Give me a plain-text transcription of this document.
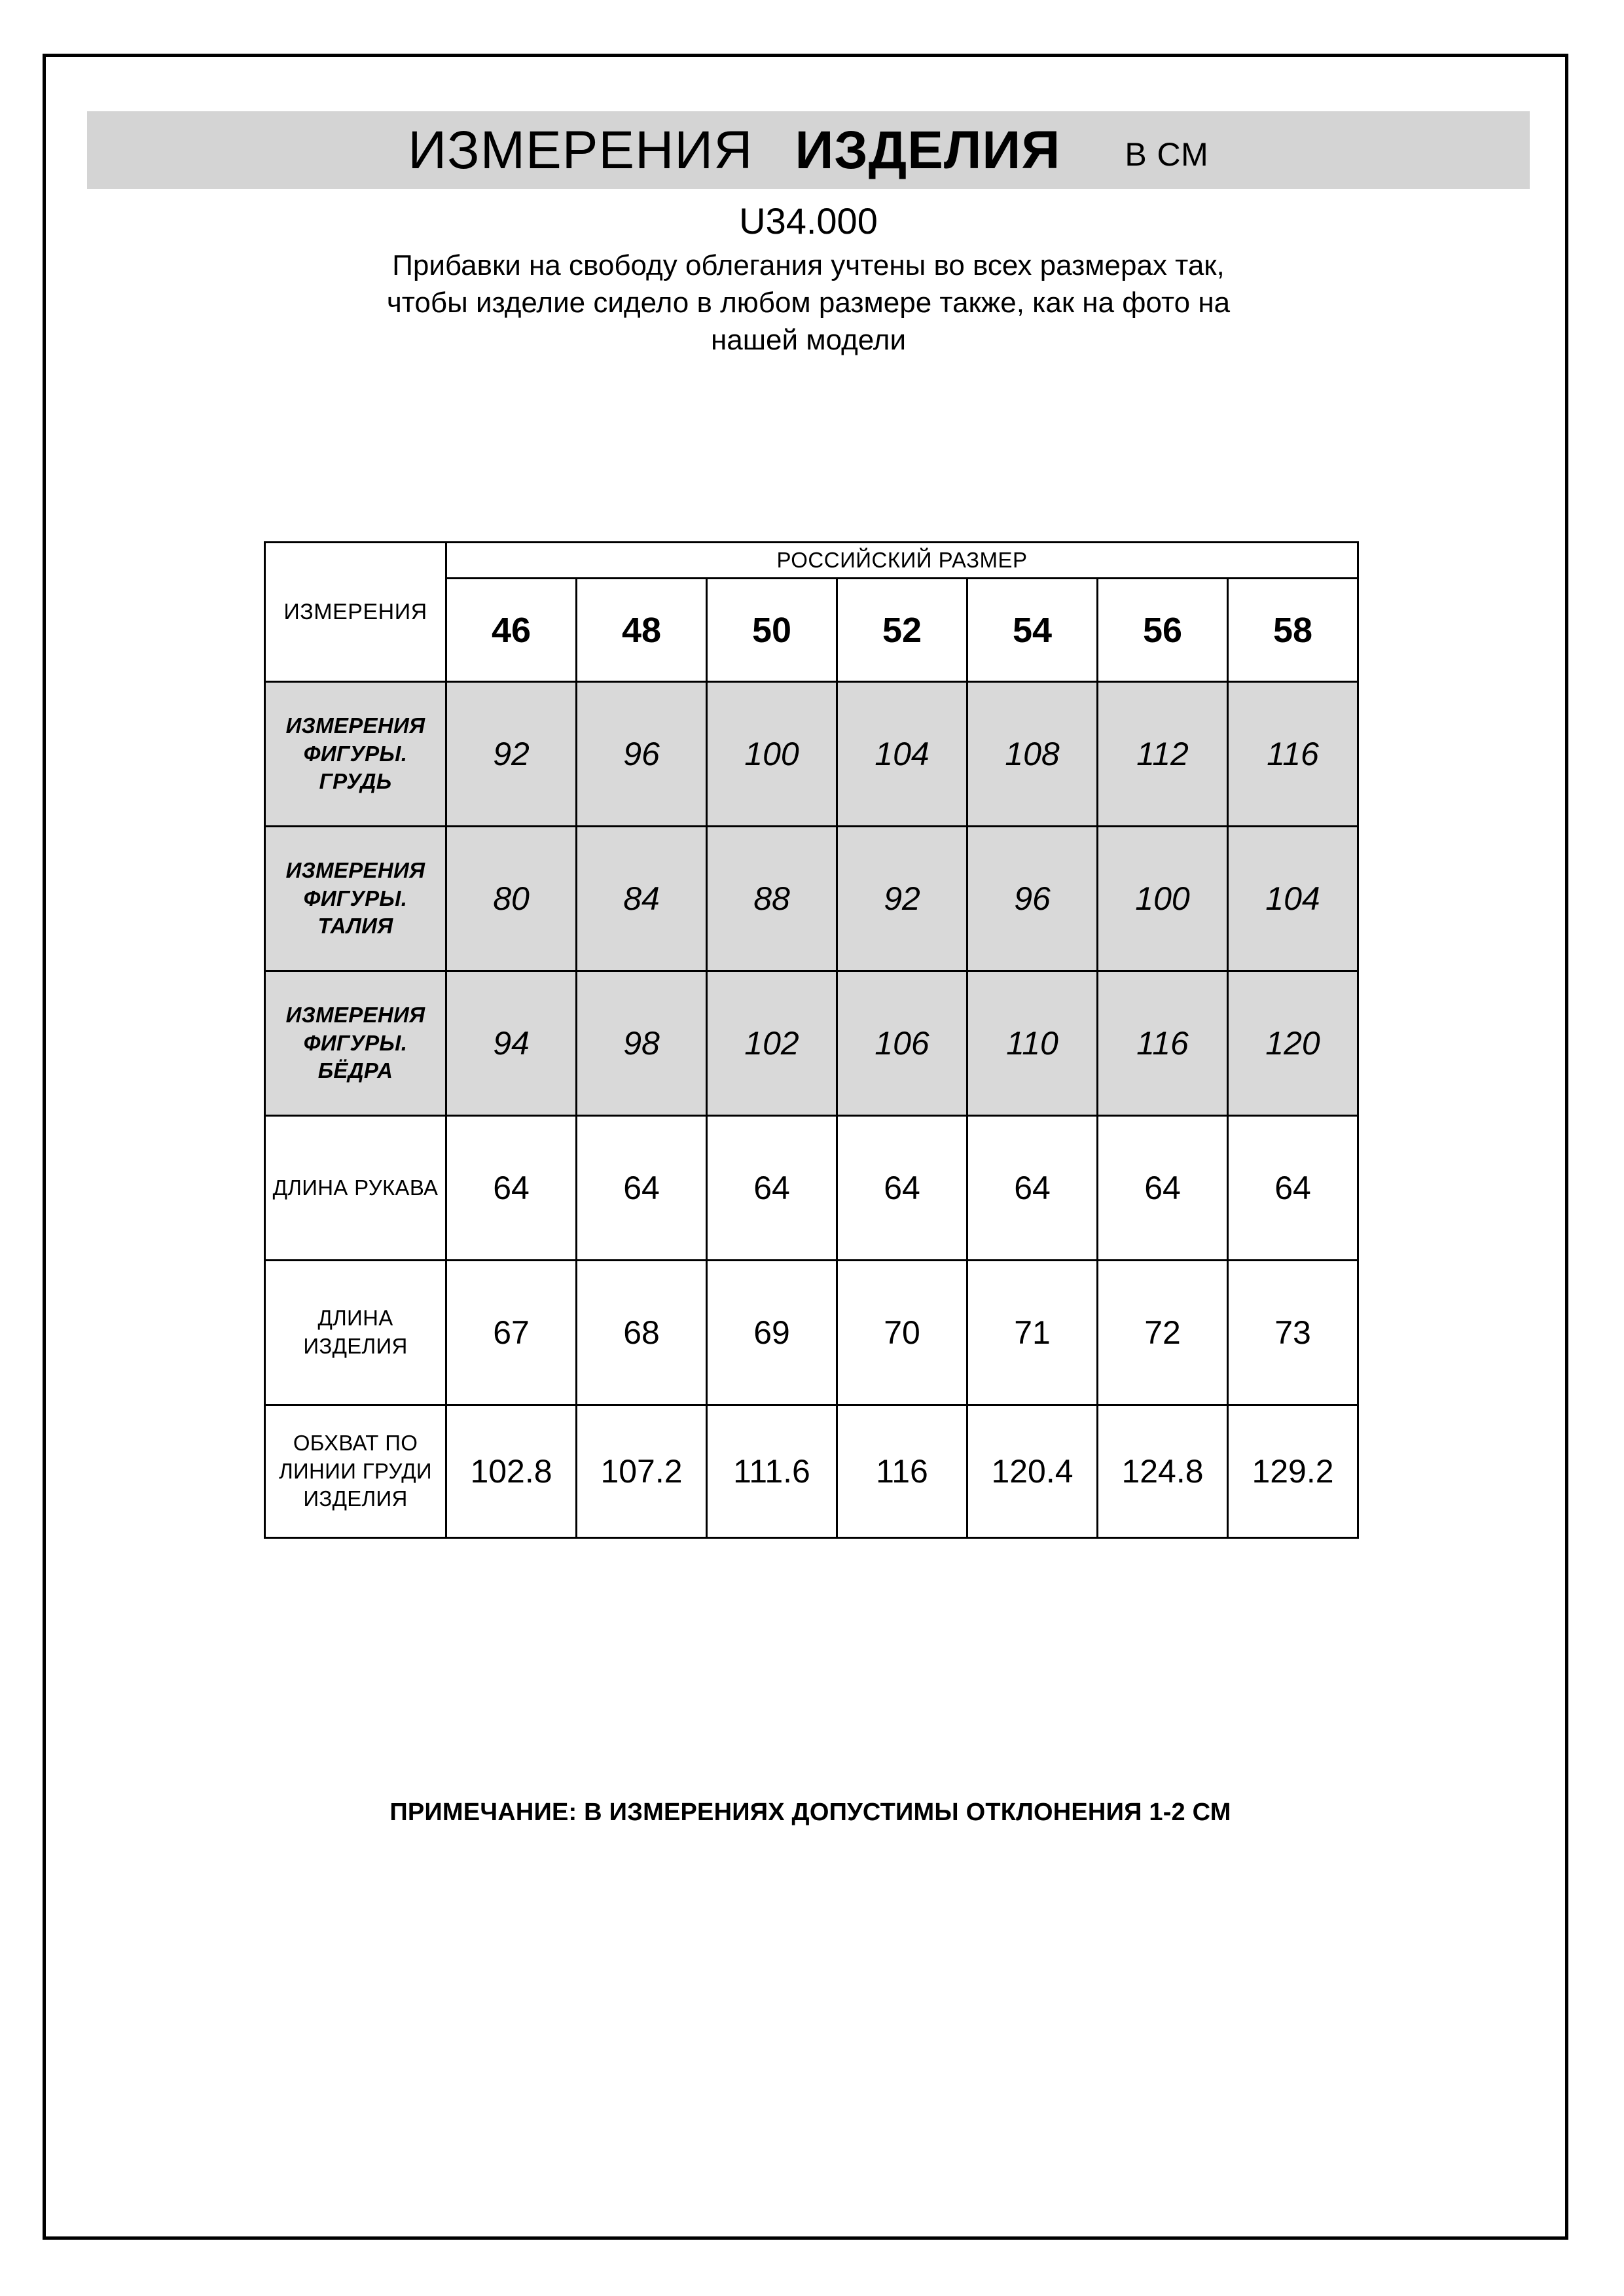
ИЗМЕРЕНИЯ ИЗДЕЛИЯ В СМ
U34.000
Прибавки на свободу облегания учтены во всех размерах так,
чтобы изделие сидело в любом размере также, как на фото на
нашей модели
ИЗМЕРЕНИЯ	РОССИЙСКИЙ РАЗМЕР						
	46	48	50	52	54	56	58

ИЗМЕРЕНИЯ
ФИГУРЫ. ГРУДЬ	92	96	100	104	108	112	116

ИЗМЕРЕНИЯ
ФИГУРЫ. ТАЛИЯ	80	84	88	92	96	100	104

ИЗМЕРЕНИЯ
ФИГУРЫ. БЁДРА	94	98	102	106	110	116	120

ДЛИНА РУКАВА	64	64	64	64	64	64	64

ДЛИНА ИЗДЕЛИЯ	67	68	69	70	71	72	73

ОБХВАТ ПО
ЛИНИИ ГРУДИ
ИЗДЕЛИЯ	102.8	107.2	111.6	116	120.4	124.8	129.2
ПРИМЕЧАНИЕ: В ИЗМЕРЕНИЯХ ДОПУСТИМЫ ОТКЛОНЕНИЯ 1-2 СМ
